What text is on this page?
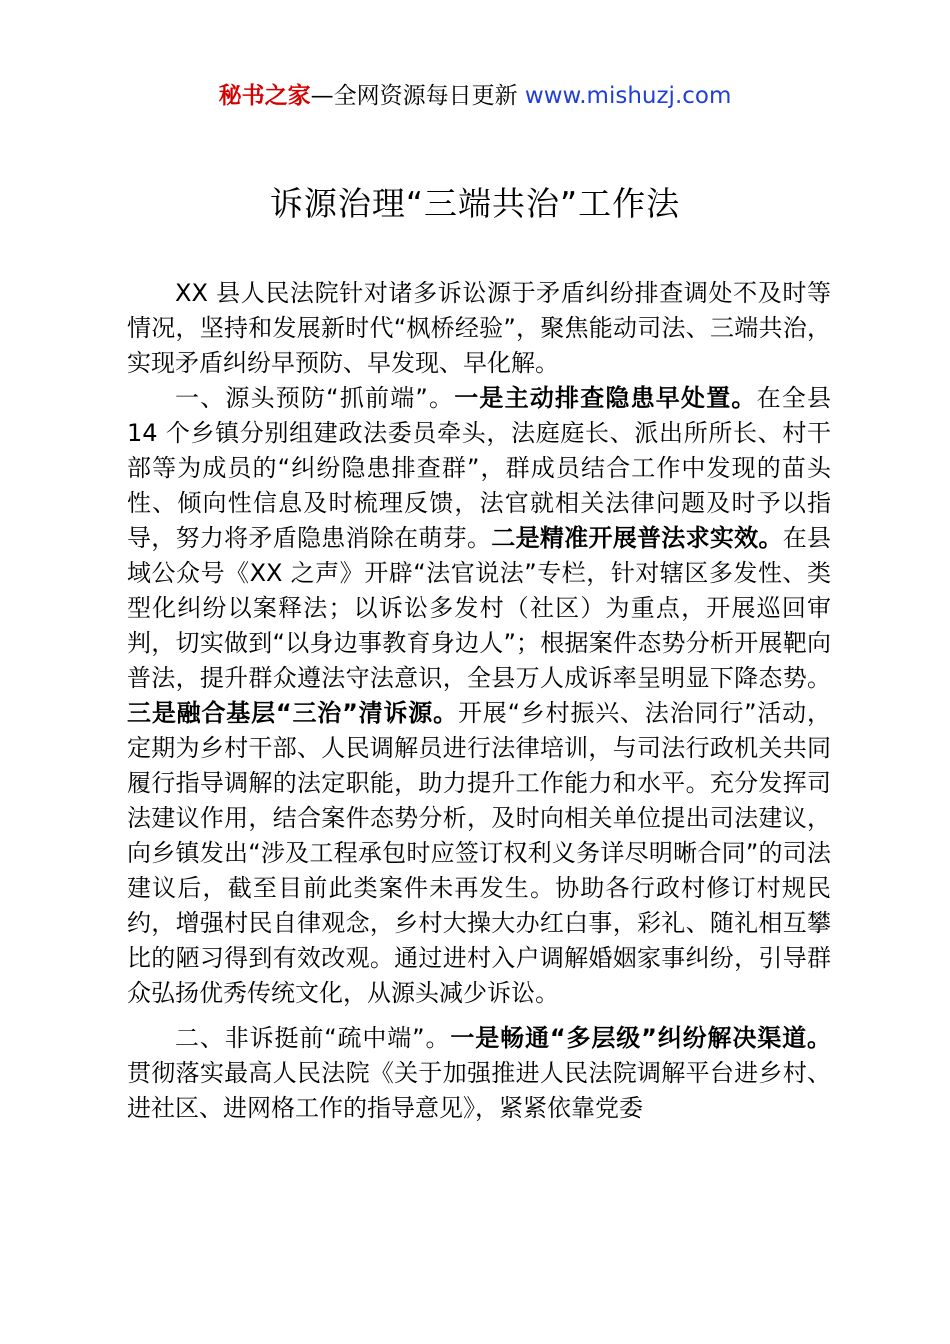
秘书之家—全网资源每日更新 www.mishuzj.com
诉源治理“三端共治”工作法

XX 县人民法院针对诸多诉讼源于矛盾纠纷排查调处不及时等情况，坚持和发展新时代“枫桥经验”，聚焦能动司法、三端共治，实现矛盾纠纷早预防、早发现、早化解。

一、源头预防“抓前端”。一是主动排查隐患早处置。在全县 14 个乡镇分别组建政法委员牵头，法庭庭长、派出所所长、村干部等为成员的“纠纷隐患排查群”，群成员结合工作中发现的苗头性、倾向性信息及时梳理反馈，法官就相关法律问题及时予以指导，努力将矛盾隐患消除在萌芽。二是精准开展普法求实效。在县域公众号《XX 之声》开辟“法官说法”专栏，针对辖区多发性、类型化纠纷以案释法；以诉讼多发村（社区）为重点，开展巡回审判，切实做到“以身边事教育身边人”；根据案件态势分析开展靶向普法，提升群众遵法守法意识，全县万人成诉率呈明显下降态势。三是融合基层“三治”清诉源。开展“乡村振兴、法治同行”活动，定期为乡村干部、人民调解员进行法律培训，与司法行政机关共同履行指导调解的法定职能，助力提升工作能力和水平。充分发挥司法建议作用，结合案件态势分析，及时向相关单位提出司法建议，向乡镇发出“涉及工程承包时应签订权利义务详尽明晰合同”的司法建议后，截至目前此类案件未再发生。协助各行政村修订村规民约，增强村民自律观念，乡村大操大办红白事，彩礼、随礼相互攀比的陋习得到有效改观。通过进村入户调解婚姻家事纠纷，引导群众弘扬优秀传统文化，从源头减少诉讼。

二、非诉挺前“疏中端”。一是畅通“多层级”纠纷解决渠道。贯彻落实最高人民法院《关于加强推进人民法院调解平台进乡村、进社区、进网格工作的指导意见》，紧紧依靠党委
